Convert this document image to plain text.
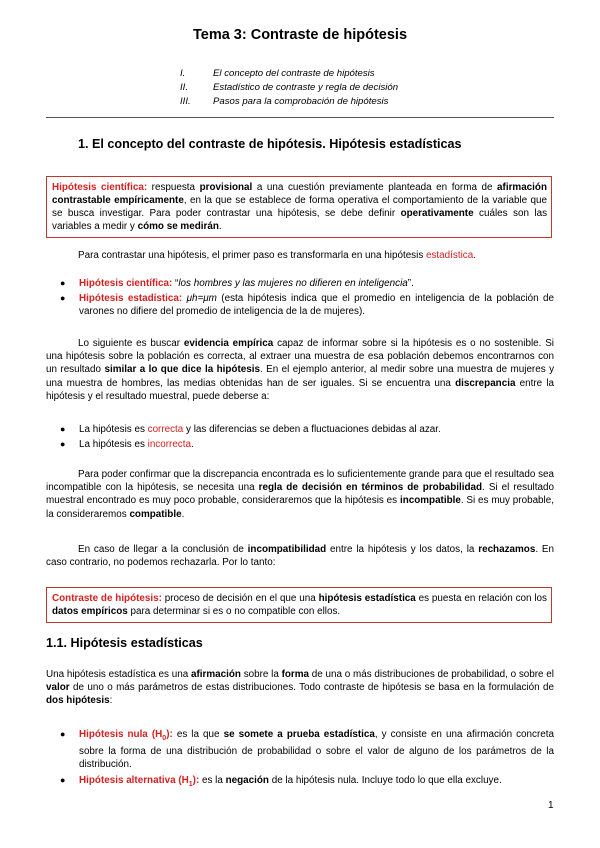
Tema 3: Contraste de hipótesis
I.	El concepto del contraste de hipótesis
II.	Estadístico de contraste y regla de decisión
III.	Pasos para la comprobación de hipótesis
1. El concepto del contraste de hipótesis. Hipótesis estadísticas
Hipótesis científica: respuesta provisional a una cuestión previamente planteada en forma de afirmación contrastable empíricamente, en la que se establece de forma operativa el comportamiento de la variable que se busca investigar. Para poder contrastar una hipótesis, se debe definir operativamente cuáles son las variables a medir y cómo se medirán.
Para contrastar una hipótesis, el primer paso es transformarla en una hipótesis estadística.
● Hipótesis científica: “los hombres y las mujeres no difieren en inteligencia”.
● Hipótesis estadística: μh=μm (esta hipótesis indica que el promedio en inteligencia de la población de varones no difiere del promedio de inteligencia de la de mujeres).
Lo siguiente es buscar evidencia empírica capaz de informar sobre si la hipótesis es o no sostenible. Si una hipótesis sobre la población es correcta, al extraer una muestra de esa población debemos encontrarnos con un resultado similar a lo que dice la hipótesis. En el ejemplo anterior, al medir sobre una muestra de mujeres y una muestra de hombres, las medias obtenidas han de ser iguales. Si se encuentra una discrepancia entre la hipótesis y el resultado muestral, puede deberse a:
● La hipótesis es correcta y las diferencias se deben a fluctuaciones debidas al azar.
● La hipótesis es incorrecta.
Para poder confirmar que la discrepancia encontrada es lo suficientemente grande para que el resultado sea incompatible con la hipótesis, se necesita una regla de decisión en términos de probabilidad. Si el resultado muestral encontrado es muy poco probable, consideraremos que la hipótesis es incompatible. Si es muy probable, la consideraremos compatible.
En caso de llegar a la conclusión de incompatibilidad entre la hipótesis y los datos, la rechazamos. En caso contrario, no podemos rechazarla. Por lo tanto:
Contraste de hipótesis: proceso de decisión en el que una hipótesis estadística es puesta en relación con los datos empíricos para determinar si es o no compatible con ellos.
1.1. Hipótesis estadísticas
Una hipótesis estadística es una afirmación sobre la forma de una o más distribuciones de probabilidad, o sobre el valor de uno o más parámetros de estas distribuciones. Todo contraste de hipótesis se basa en la formulación de dos hipótesis:
● Hipótesis nula $(H_0)$: es la que se somete a prueba estadística, y consiste en una afirmación concreta sobre la forma de una distribución de probabilidad o sobre el valor de alguno de los parámetros de la distribución.
● Hipótesis alternativa $(H_1)$: es la negación de la hipótesis nula. Incluye todo lo que ella excluye.
1
